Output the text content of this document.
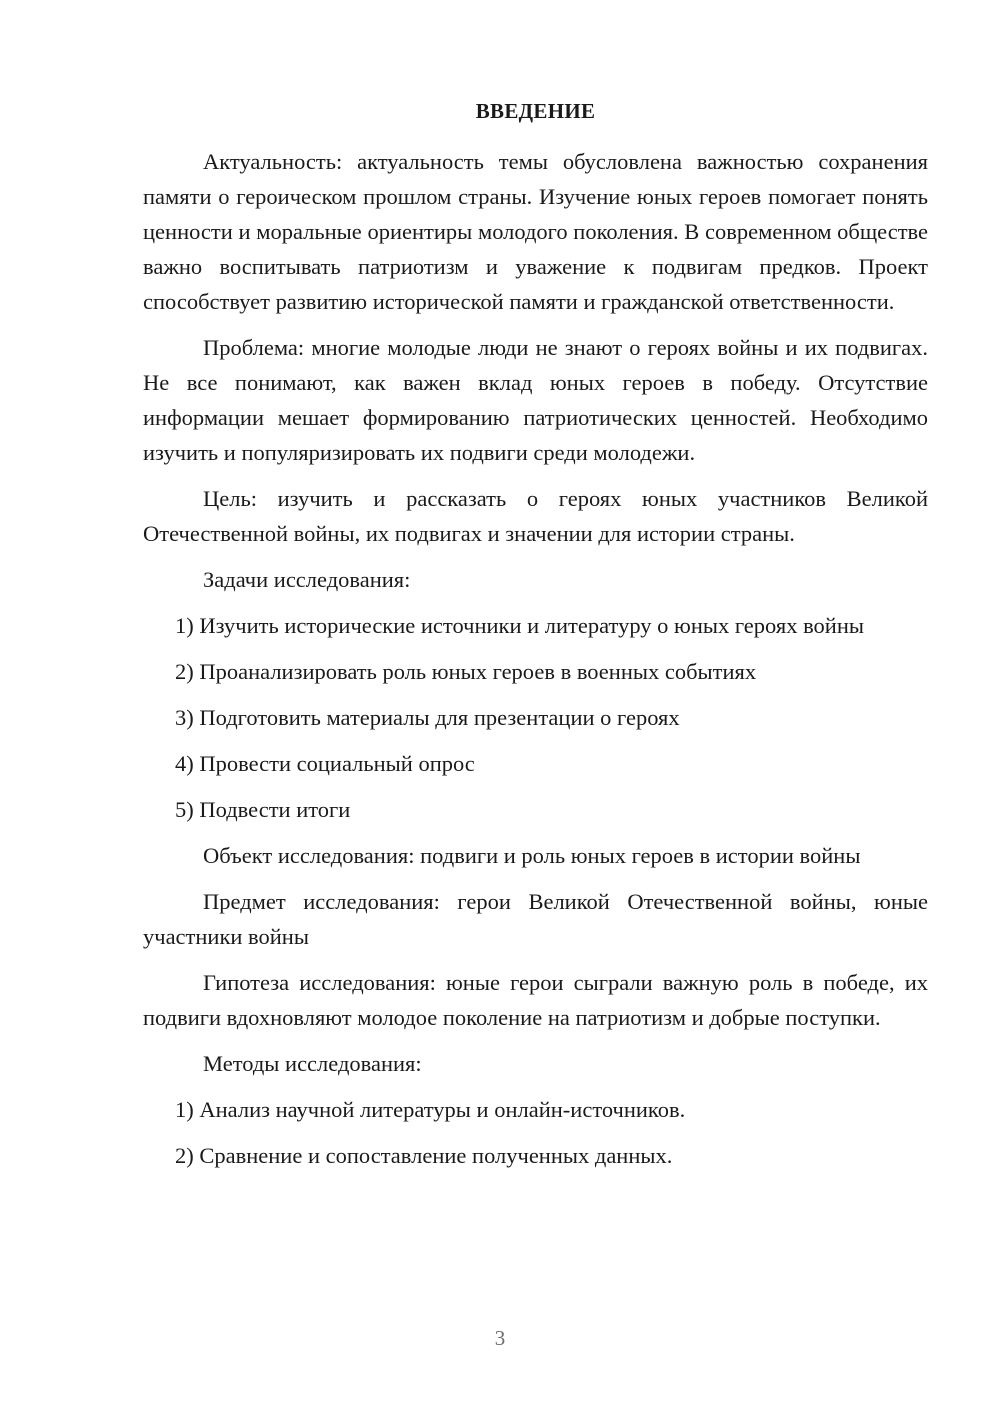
ВВЕДЕНИЕ
Актуальность: актуальность темы обусловлена важностью сохранения памяти о героическом прошлом страны. Изучение юных героев помогает понять ценности и моральные ориентиры молодого поколения. В современном обществе важно воспитывать патриотизм и уважение к подвигам предков. Проект способствует развитию исторической памяти и гражданской ответственности.
Проблема: многие молодые люди не знают о героях войны и их подвигах. Не все понимают, как важен вклад юных героев в победу. Отсутствие информации мешает формированию патриотических ценностей. Необходимо изучить и популяризировать их подвиги среди молодежи.
Цель: изучить и рассказать о героях юных участников Великой Отечественной войны, их подвигах и значении для истории страны.
Задачи исследования:
1) Изучить исторические источники и литературу о юных героях войны
2) Проанализировать роль юных героев в военных событиях
3) Подготовить материалы для презентации о героях
4) Провести социальный опрос
5) Подвести итоги
Объект исследования: подвиги и роль юных героев в истории войны
Предмет исследования: герои Великой Отечественной войны, юные участники войны
Гипотеза исследования: юные герои сыграли важную роль в победе, их подвиги вдохновляют молодое поколение на патриотизм и добрые поступки.
Методы исследования:
1) Анализ научной литературы и онлайн-источников.
2) Сравнение и сопоставление полученных данных.
3
